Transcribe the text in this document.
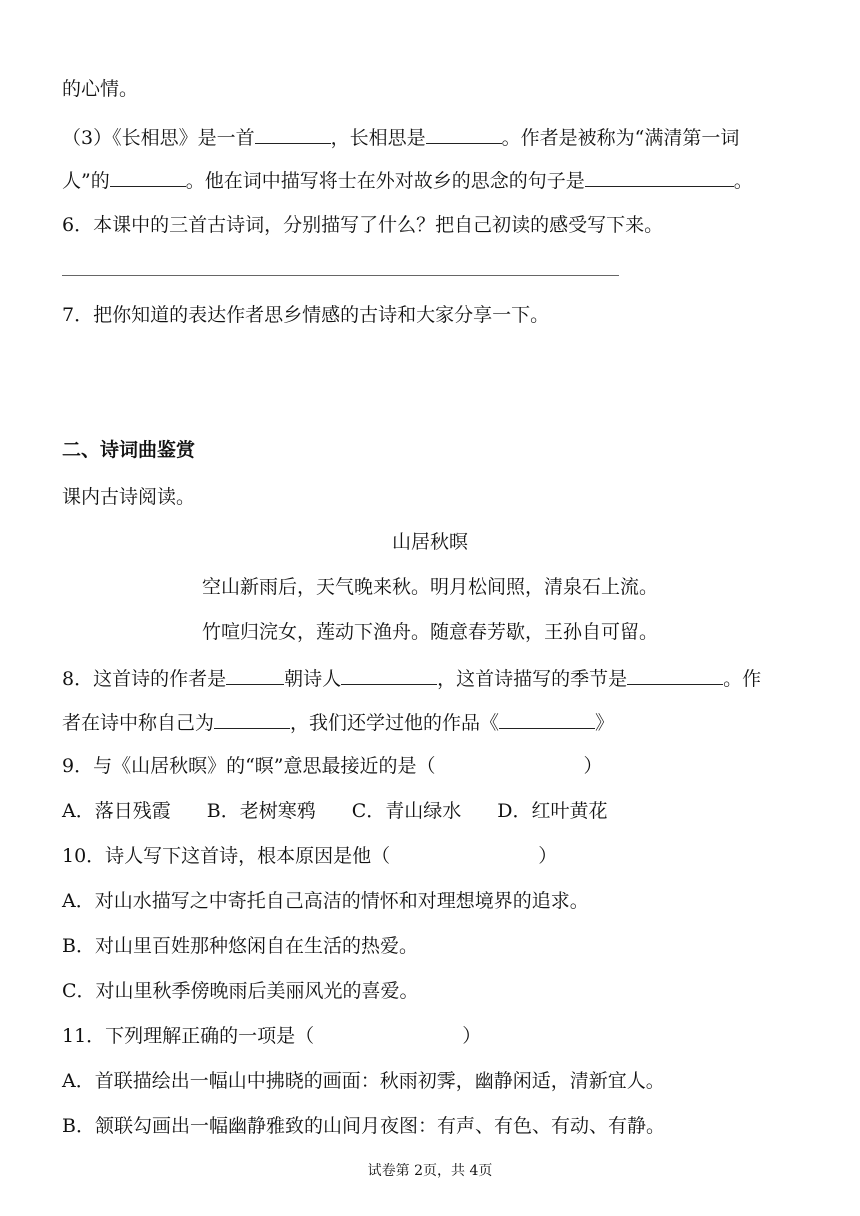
的心情。
（3）《长相思》是一首	，长相思是	。作者是被称为“满清第一词
人”的	。他在词中描写将士在外对故乡的思念的句子是	。
6．本课中的三首古诗词，分别描写了什么？把自己初读的感受写下来。
7．把你知道的表达作者思乡情感的古诗和大家分享一下。
二、诗词曲鉴赏
课内古诗阅读。
山居秋暝
空山新雨后，天气晚来秋。明月松间照，清泉石上流。
竹喧归浣女，莲动下渔舟。随意春芳歇，王孙自可留。
8．这首诗的作者是	朝诗人	，这首诗描写的季节是	。作
者在诗中称自己为	，我们还学过他的作品《	》
9．与《山居秋暝》的“暝”意思最接近的是（	）
A．落日残霞 B．老树寒鸦 C．青山绿水 D．红叶黄花
10．诗人写下这首诗，根本原因是他（	）
A．对山水描写之中寄托自己高洁的情怀和对理想境界的追求。
B．对山里百姓那种悠闲自在生活的热爱。
C．对山里秋季傍晚雨后美丽风光的喜爱。
11．下列理解正确的一项是（	）
A．首联描绘出一幅山中拂晓的画面：秋雨初霁，幽静闲适，清新宜人。
B．颔联勾画出一幅幽静雅致的山间月夜图：有声、有色、有动、有静。
试卷第 2页，共 4页
